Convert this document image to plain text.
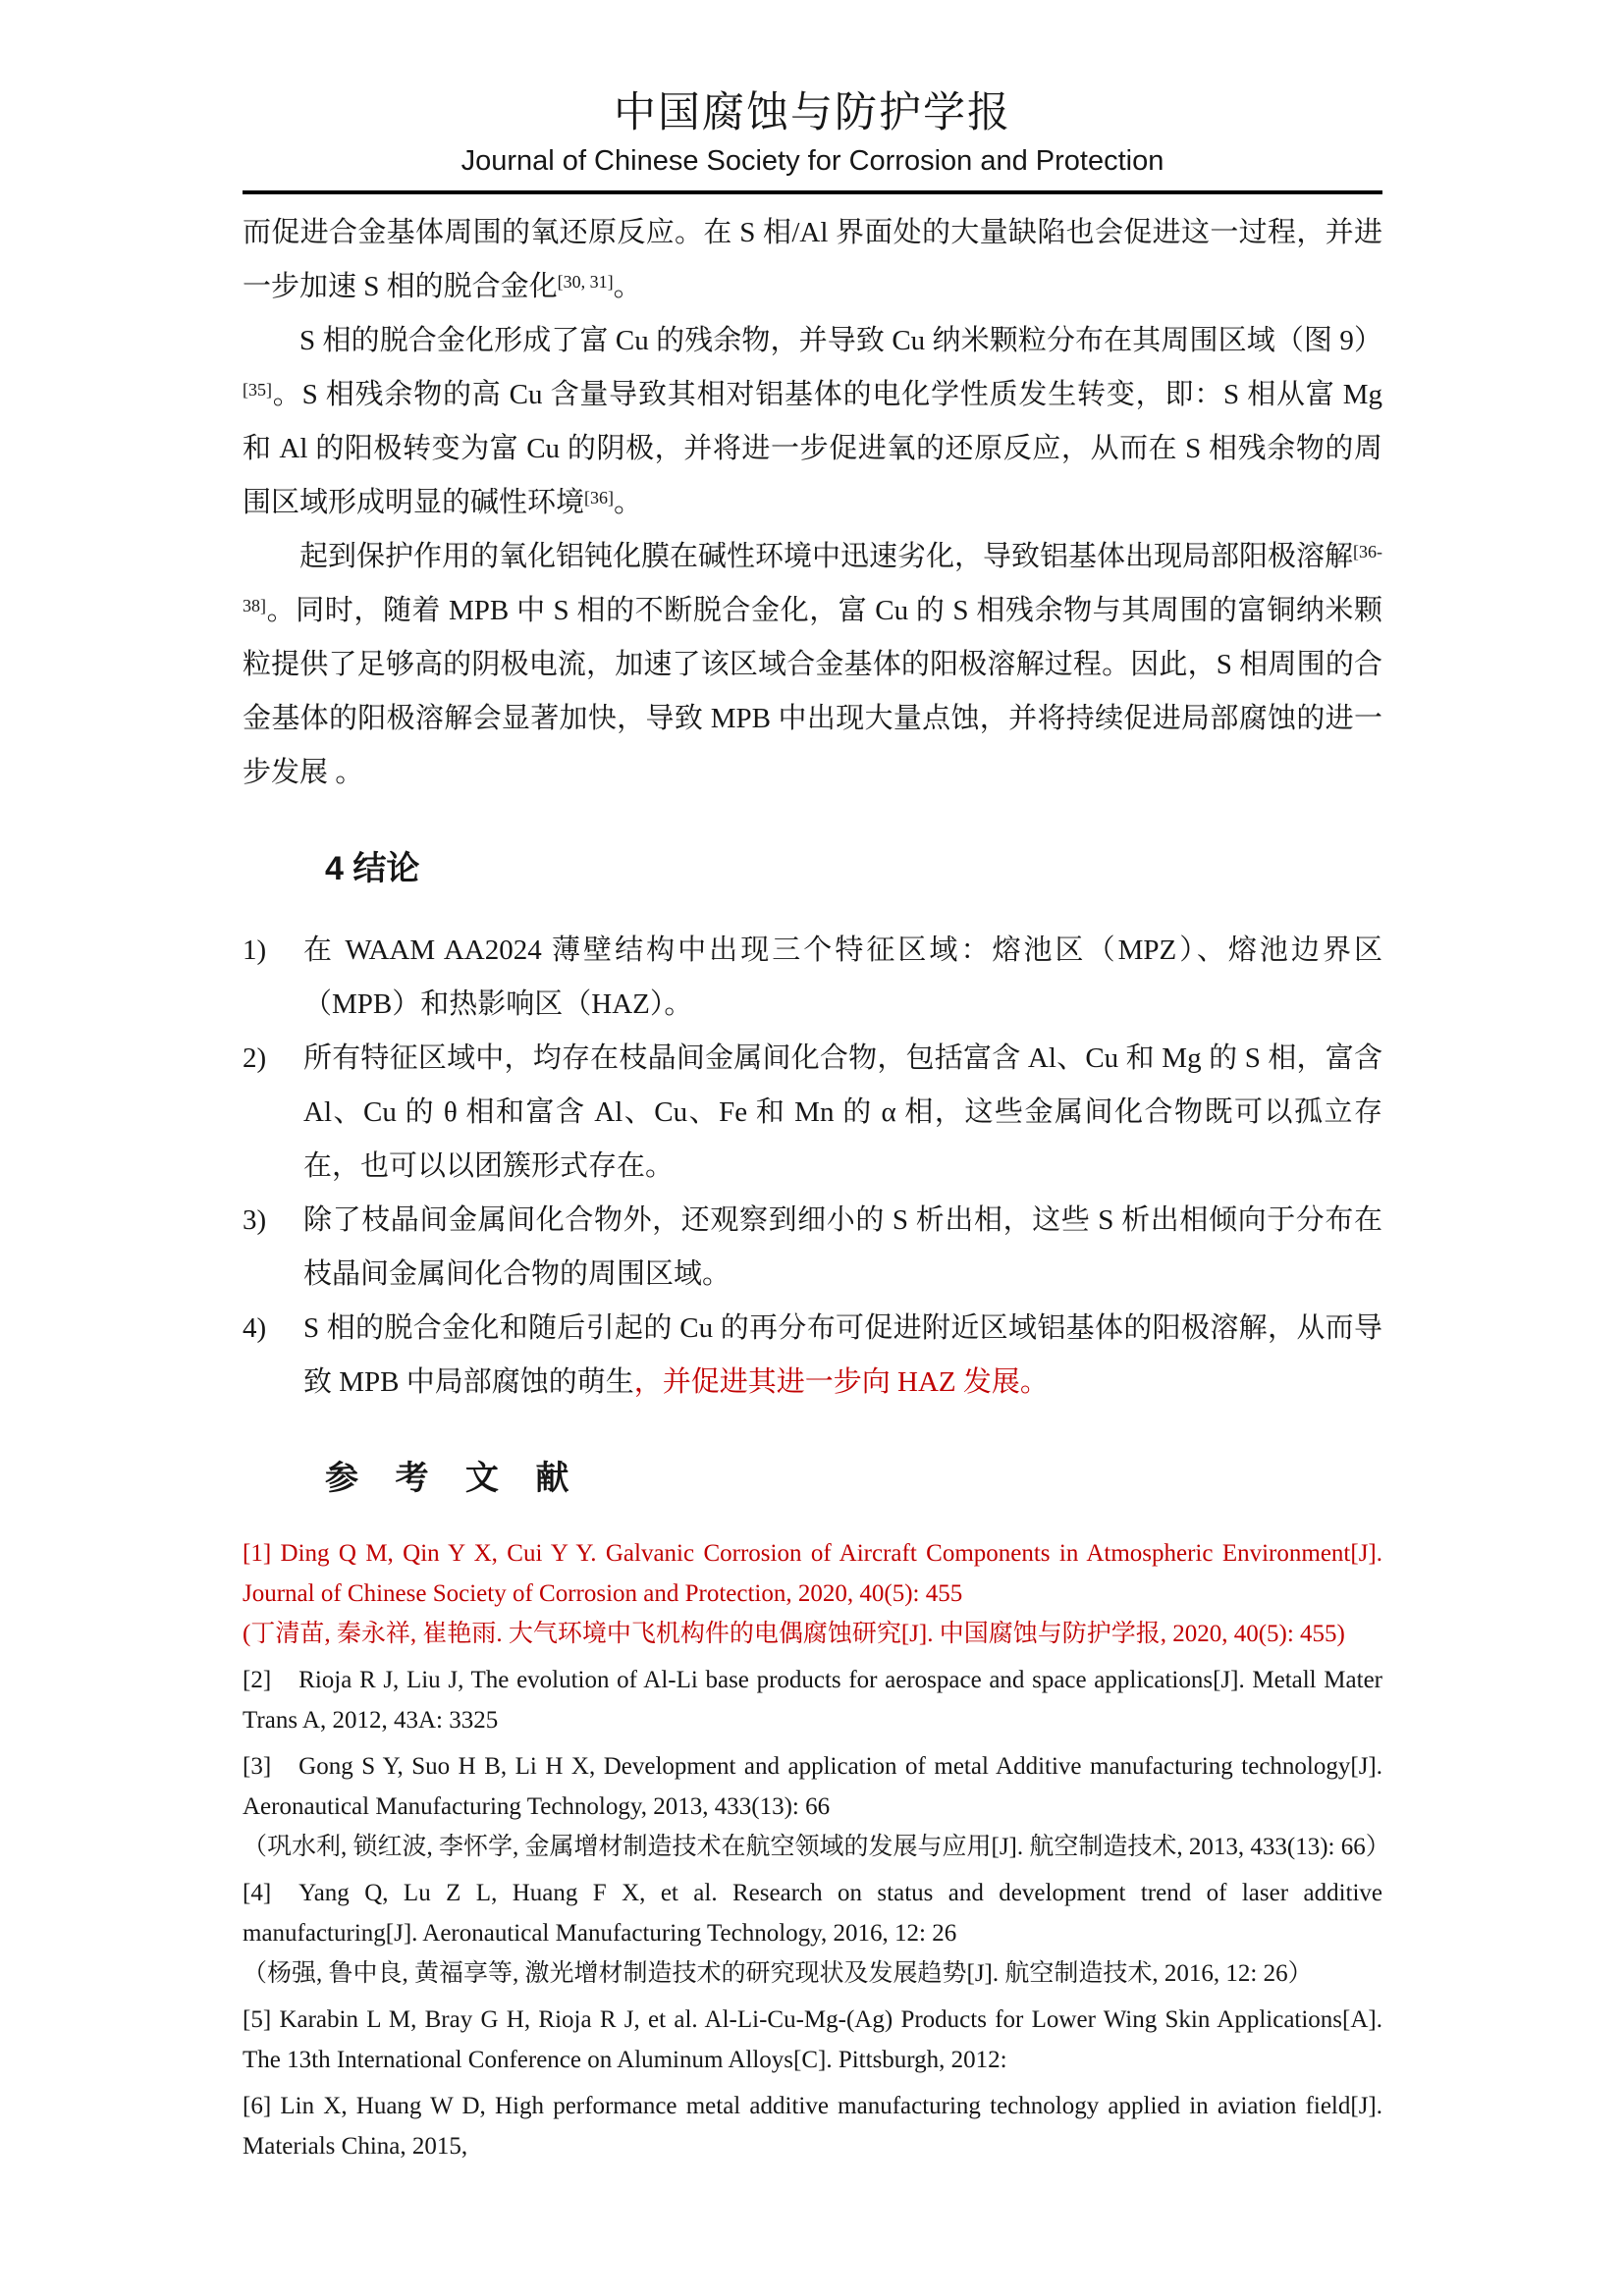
中国腐蚀与防护学报
Journal of Chinese Society for Corrosion and Protection

而促进合金基体周围的氧还原反应。在 S 相/Al 界面处的大量缺陷也会促进这一过程，并进一步加速 S 相的脱合金化[30, 31]。

S 相的脱合金化形成了富 Cu 的残余物，并导致 Cu 纳米颗粒分布在其周围区域（图 9）[35]。S 相残余物的高 Cu 含量导致其相对铝基体的电化学性质发生转变，即：S 相从富 Mg 和 Al 的阳极转变为富 Cu 的阴极，并将进一步促进氧的还原反应，从而在 S 相残余物的周围区域形成明显的碱性环境[36]。

起到保护作用的氧化铝钝化膜在碱性环境中迅速劣化，导致铝基体出现局部阳极溶解[36-38]。同时，随着 MPB 中 S 相的不断脱合金化，富 Cu 的 S 相残余物与其周围的富铜纳米颗粒提供了足够高的阴极电流，加速了该区域合金基体的阳极溶解过程。因此，S 相周围的合金基体的阳极溶解会显著加快，导致 MPB 中出现大量点蚀，并将持续促进局部腐蚀的进一步发展 。

4 结论
1)	在 WAAM AA2024 薄壁结构中出现三个特征区域：熔池区（MPZ）、熔池边界区（MPB）和热影响区（HAZ）。
2)	所有特征区域中，均存在枝晶间金属间化合物，包括富含 Al、Cu 和 Mg 的 S 相，富含 Al、Cu 的 θ 相和富含 Al、Cu、Fe 和 Mn 的 α 相，这些金属间化合物既可以孤立存在，也可以以团簇形式存在。
3)	除了枝晶间金属间化合物外，还观察到细小的 S 析出相，这些 S 析出相倾向于分布在枝晶间金属间化合物的周围区域。
4)	S 相的脱合金化和随后引起的 Cu 的再分布可促进附近区域铝基体的阳极溶解，从而导致 MPB 中局部腐蚀的萌生，并促进其进一步向 HAZ 发展。
参 考 文 献

[1] Ding Q M, Qin Y X, Cui Y Y. Galvanic Corrosion of Aircraft Components in Atmospheric Environment[J]. Journal of Chinese Society of Corrosion and Protection, 2020, 40(5): 455

(丁清苗, 秦永祥, 崔艳雨. 大气环境中飞机构件的电偶腐蚀研究[J]. 中国腐蚀与防护学报, 2020, 40(5): 455)

[2] Rioja R J, Liu J, The evolution of Al-Li base products for aerospace and space applications[J]. Metall Mater Trans A, 2012, 43A: 3325

[3] Gong S Y, Suo H B, Li H X, Development and application of metal Additive manufacturing technology[J]. Aeronautical Manufacturing Technology, 2013, 433(13): 66

（巩水利, 锁红波, 李怀学, 金属增材制造技术在航空领域的发展与应用[J]. 航空制造技术, 2013, 433(13): 66）

[4] Yang Q, Lu Z L, Huang F X, et al. Research on status and development trend of laser additive manufacturing[J]. Aeronautical Manufacturing Technology, 2016, 12: 26

（杨强, 鲁中良, 黄福享等, 激光增材制造技术的研究现状及发展趋势[J]. 航空制造技术, 2016, 12: 26）

[5] Karabin L M, Bray G H, Rioja R J, et al. Al-Li-Cu-Mg-(Ag) Products for Lower Wing Skin Applications[A]. The 13th International Conference on Aluminum Alloys[C]. Pittsburgh, 2012:

[6] Lin X, Huang W D, High performance metal additive manufacturing technology applied in aviation field[J]. Materials China, 2015,
